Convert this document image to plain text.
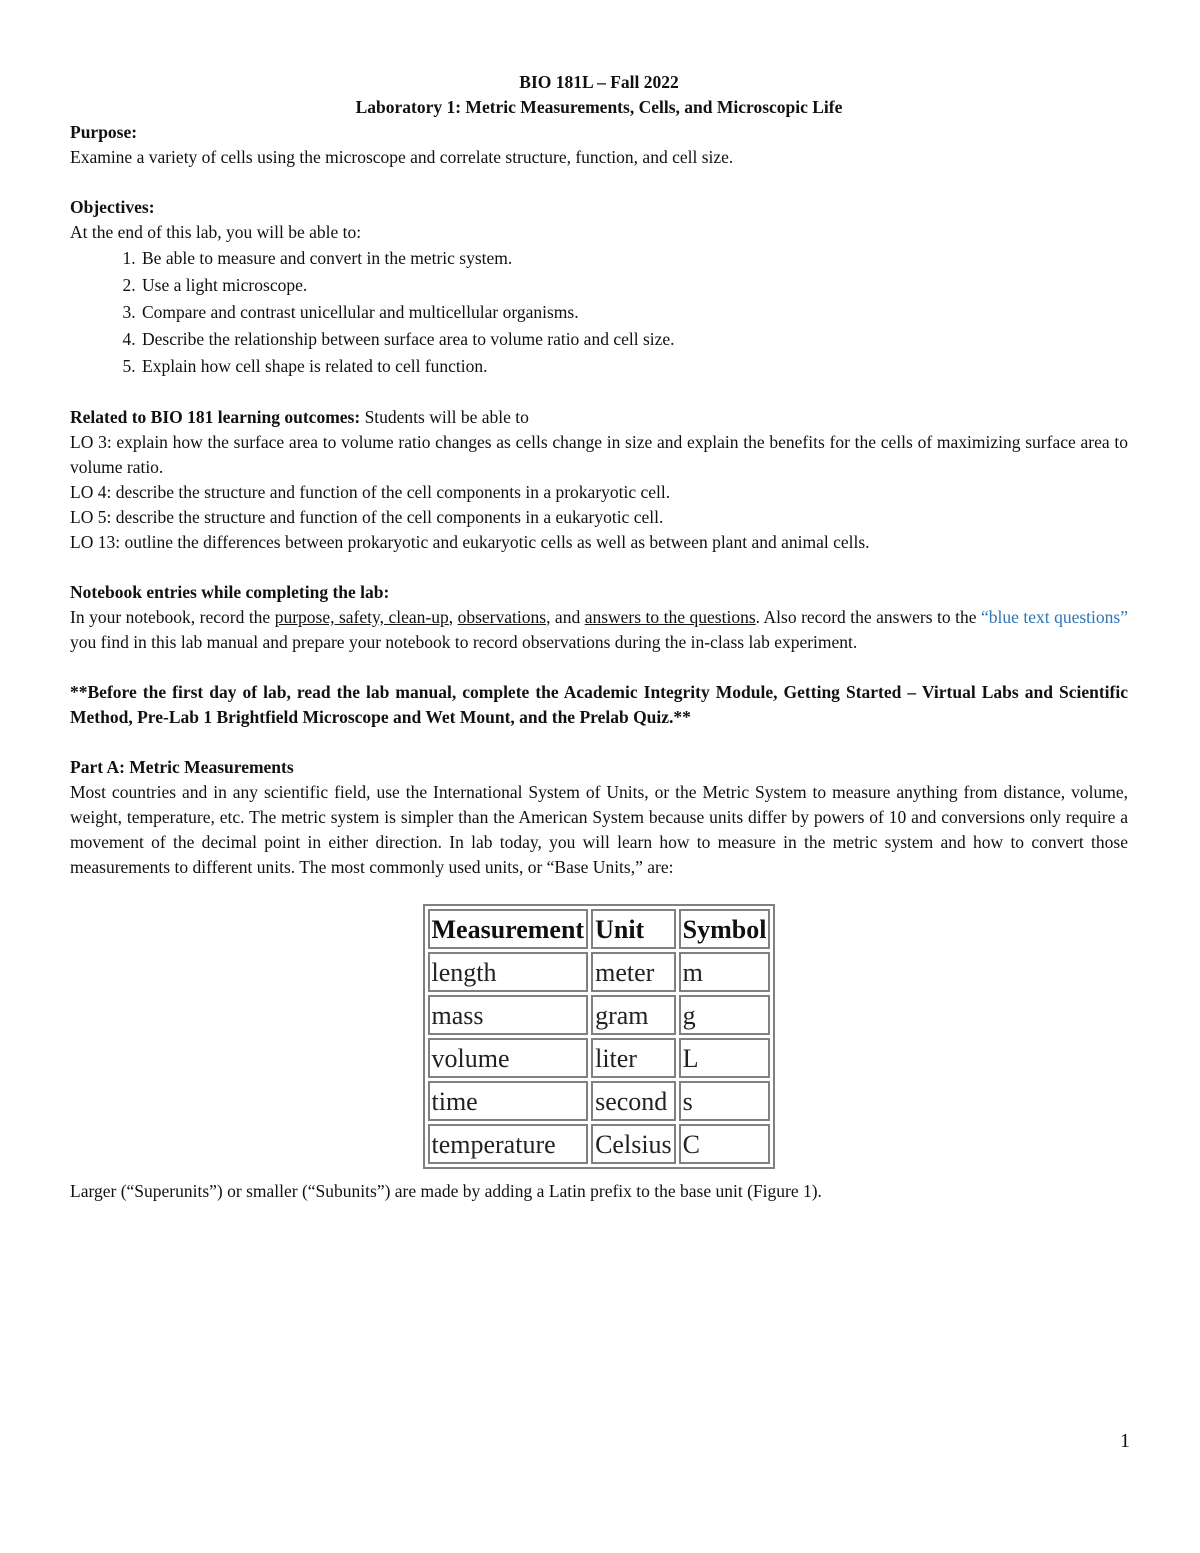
BIO 181L – Fall 2022

Laboratory 1: Metric Measurements, Cells, and Microscopic Life

Purpose:

Examine a variety of cells using the microscope and correlate structure, function, and cell size.

Objectives:

At the end of this lab, you will be able to:

1. Be able to measure and convert in the metric system.
2. Use a light microscope.
3. Compare and contrast unicellular and multicellular organisms.
4. Describe the relationship between surface area to volume ratio and cell size.
5. Explain how cell shape is related to cell function.

Related to BIO 181 learning outcomes: Students will be able to

LO 3: explain how the surface area to volume ratio changes as cells change in size and explain the benefits for the cells of maximizing surface area to volume ratio.

LO 4: describe the structure and function of the cell components in a prokaryotic cell.

LO 5: describe the structure and function of the cell components in a eukaryotic cell.

LO 13: outline the differences between prokaryotic and eukaryotic cells as well as between plant and animal cells.

Notebook entries while completing the lab:

In your notebook, record the purpose, safety, clean-up, observations, and answers to the questions. Also record the answers to the “blue text questions” you find in this lab manual and prepare your notebook to record observations during the in-class lab experiment.

**Before the first day of lab, read the lab manual, complete the Academic Integrity Module, Getting Started – Virtual Labs and Scientific Method, Pre-Lab 1 Brightfield Microscope and Wet Mount, and the Prelab Quiz.**

Part A: Metric Measurements

Most countries and in any scientific field, use the International System of Units, or the Metric System to measure anything from distance, volume, weight, temperature, etc. The metric system is simpler than the American System because units differ by powers of 10 and conversions only require a movement of the decimal point in either direction. In lab today, you will learn how to measure in the metric system and how to convert those measurements to different units. The most commonly used units, or “Base Units,” are:

Measurement	Unit	Symbol
length	meter	m
mass	gram	g
volume	liter	L
time	second	s
temperature	Celsius	C

Larger (“Superunits”) or smaller (“Subunits”) are made by adding a Latin prefix to the base unit (Figure 1).

1
